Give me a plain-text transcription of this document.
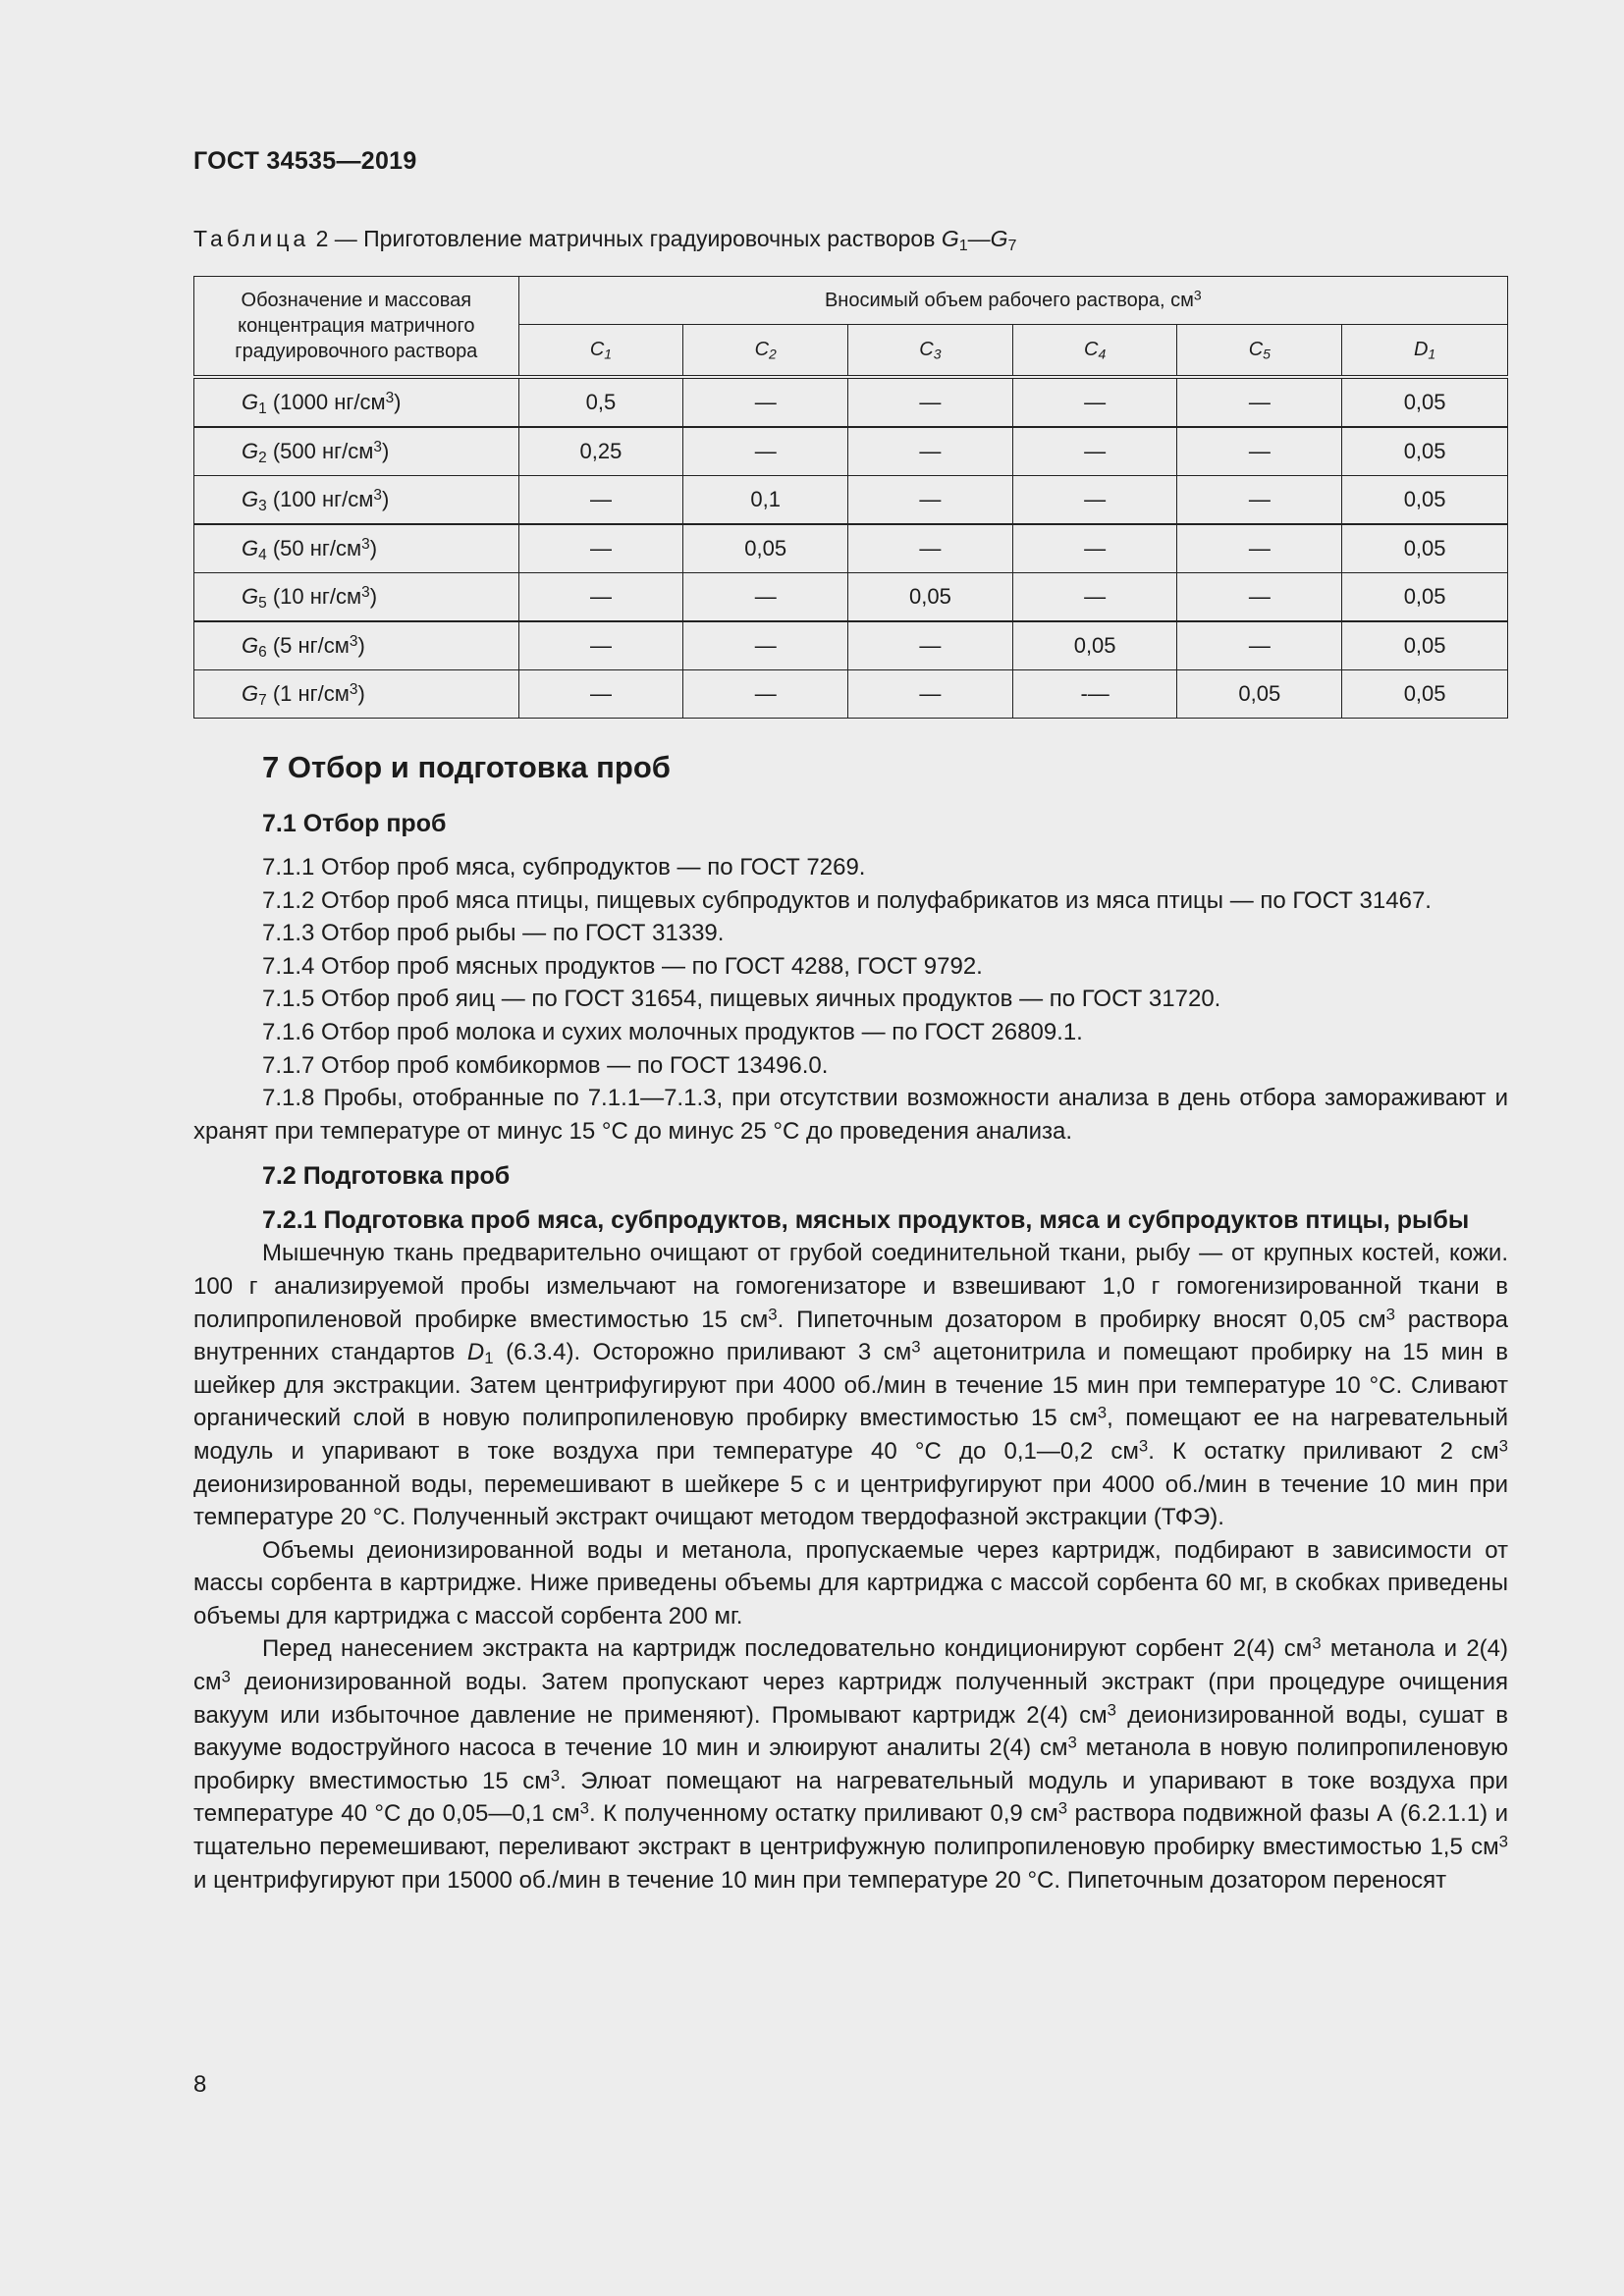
ГОСТ 34535—2019
Таблица 2 — Приготовление матричных градуировочных растворов $G_1—G_7$
Обозначение и массовая концентрация матричного градуировочного раствора	Вносимый объем рабочего раствора, $см^3$
	$C_1$	$C_2$	$C_3$	$C_4$	$C_5$	$D_1$
$G_1$ (1000 $нг/см^3$)	0,5	—	—	—	—	0,05
$G_2$ (500 $нг/см^3$)	0,25	—	—	—	—	0,05
$G_3$ (100 $нг/см^3$)	—	0,1	—	—	—	0,05
$G_4$ (50 $нг/см^3$)	—	0,05	—	—	—	0,05
$G_5$ (10 $нг/см^3$)	—	—	0,05	—	—	0,05
$G_6$ (5 $нг/см^3$)	—	—	—	0,05	—	0,05
$G_7$ (1 $нг/см^3$)	—	—	—	-—	0,05	0,05
7 Отбор и подготовка проб
7.1 Отбор проб

7.1.1 Отбор проб мяса, субпродуктов — по ГОСТ 7269.

7.1.2 Отбор проб мяса птицы, пищевых субпродуктов и полуфабрикатов из мяса птицы — по ГОСТ 31467.

7.1.3 Отбор проб рыбы — по ГОСТ 31339.

7.1.4 Отбор проб мясных продуктов — по ГОСТ 4288, ГОСТ 9792.

7.1.5 Отбор проб яиц — по ГОСТ 31654, пищевых яичных продуктов — по ГОСТ 31720.

7.1.6 Отбор проб молока и сухих молочных продуктов — по ГОСТ 26809.1.

7.1.7 Отбор проб комбикормов — по ГОСТ 13496.0.

7.1.8 Пробы, отобранные по 7.1.1—7.1.3, при отсутствии возможности анализа в день отбора замораживают и хранят при температуре от минус 15 °С до минус 25 °С до проведения анализа.

7.2 Подготовка проб
7.2.1 Подготовка проб мяса, субпродуктов, мясных продуктов, мяса и субпродуктов птицы, рыбы

Мышечную ткань предварительно очищают от грубой соединительной ткани, рыбу — от крупных костей, кожи. 100 г анализируемой пробы измельчают на гомогенизаторе и взвешивают 1,0 г гомогенизированной ткани в полипропиленовой пробирке вместимостью 15 $см^3$. Пипеточным дозатором в пробирку вносят 0,05 $см^3$ раствора внутренних стандартов $D_1$ (6.3.4). Осторожно приливают 3 $см^3$ ацетонитрила и помещают пробирку на 15 мин в шейкер для экстракции. Затем центрифугируют при 4000 об./мин в течение 15 мин при температуре 10 °С. Сливают органический слой в новую полипропиленовую пробирку вместимостью 15 $см^3$, помещают ее на нагревательный модуль и упаривают в токе воздуха при температуре 40 °С до 0,1—0,2 $см^3$. К остатку приливают 2 $см^3$ деионизированной воды, перемешивают в шейкере 5 с и центрифугируют при 4000 об./мин в течение 10 мин при температуре 20 °С. Полученный экстракт очищают методом твердофазной экстракции (ТФЭ).

Объемы деионизированной воды и метанола, пропускаемые через картридж, подбирают в зависимости от массы сорбента в картридже. Ниже приведены объемы для картриджа с массой сорбента 60 мг, в скобках приведены объемы для картриджа с массой сорбента 200 мг.

Перед нанесением экстракта на картридж последовательно кондиционируют сорбент 2(4) $см^3$ метанола и 2(4) $см^3$ деионизированной воды. Затем пропускают через картридж полученный экстракт (при процедуре очищения вакуум или избыточное давление не применяют). Промывают картридж 2(4) $см^3$ деионизированной воды, сушат в вакууме водоструйного насоса в течение 10 мин и элюируют аналиты 2(4) $см^3$ метанола в новую полипропиленовую пробирку вместимостью 15 $см^3$. Элюат помещают на нагревательный модуль и упаривают в токе воздуха при температуре 40 °С до 0,05—0,1 $см^3$. К полученному остатку приливают 0,9 $см^3$ раствора подвижной фазы А (6.2.1.1) и тщательно перемешивают, переливают экстракт в центрифужную полипропиленовую пробирку вместимостью 1,5 $см^3$ и центрифугируют при 15000 об./мин в течение 10 мин при температуре 20 °С. Пипеточным дозатором переносят

8
